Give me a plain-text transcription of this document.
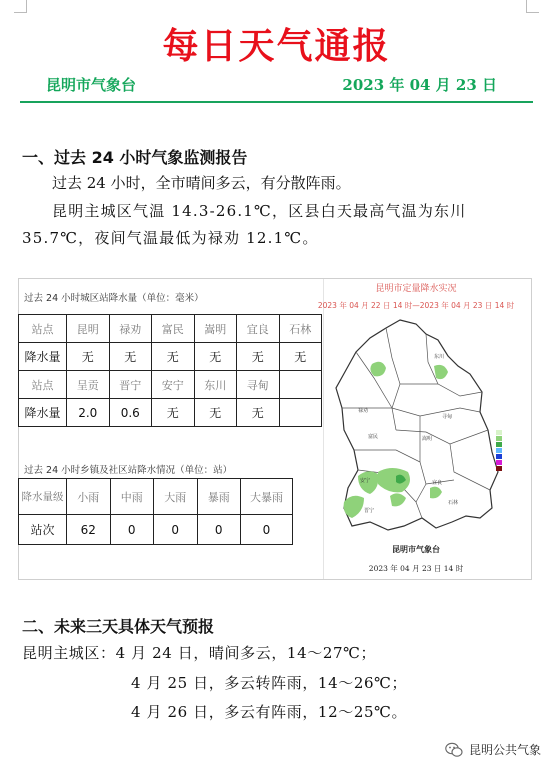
每日天气通报
昆明市气象台	2023 年 04 月 23 日
一、过去 24 小时气象监测报告
过去 24 小时，全市晴间多云，有分散阵雨。
昆明主城区气温 14.3-26.1℃，区县白天最高气温为东川 35.7℃，夜间气温最低为禄劝 12.1℃。
过去 24 小时城区站降水量（单位：毫米）
站点	昆明	禄劝	富民	嵩明	宜良	石林
降水量	无	无	无	无	无	无
站点	呈贡	晋宁	安宁	东川	寻甸	
降水量	2.0	0.6	无	无	无	
过去 24 小时乡镇及社区站降水情况（单位：站）
降水量级	小雨	中雨	大雨	暴雨	大暴雨
站次	62	0	0	0	0
昆明市定量降水实况
2023 年 04 月 22 日 14 时—2023 年 04 月 23 日 14 时
东川
禄劝
寻甸
嵩明
富民
安宁
晋宁
宜良
石林
昆明市气象台
2023 年 04 月 23 日 14 时
二、未来三天具体天气预报
昆明主城区：4 月 24 日，晴间多云，14～27℃；
4 月 25 日，多云转阵雨，14～26℃；
4 月 26 日，多云有阵雨，12～25℃。
昆明公共气象
